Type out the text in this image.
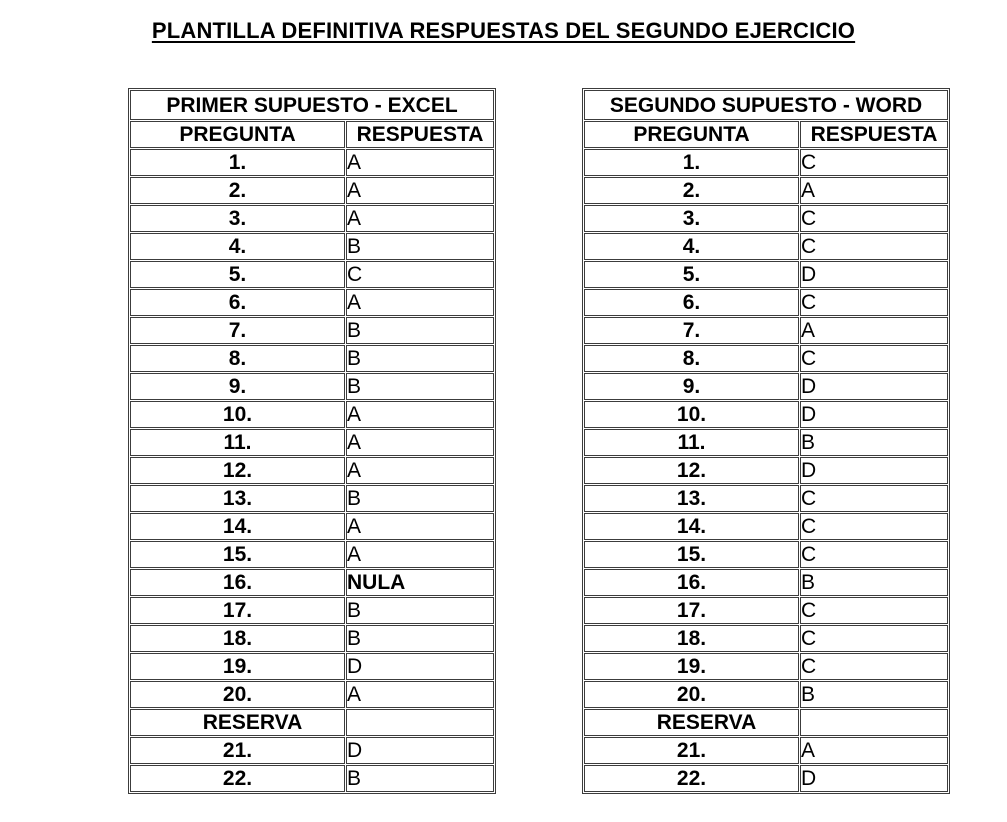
PLANTILLA DEFINITIVA RESPUESTAS DEL SEGUNDO EJERCICIO
PRIMER SUPUESTO - EXCEL	
PREGUNTA	RESPUESTA
1.	A
2.	A
3.	A
4.	B
5.	C
6.	A
7.	B
8.	B
9.	B
10.	A
11.	A
12.	A
13.	B
14.	A
15.	A
16.	NULA
17.	B
18.	B
19.	D
20.	A
RESERVA	
21.	D
22.	B
SEGUNDO SUPUESTO - WORD	
PREGUNTA	RESPUESTA
1.	C
2.	A
3.	C
4.	C
5.	D
6.	C
7.	A
8.	C
9.	D
10.	D
11.	B
12.	D
13.	C
14.	C
15.	C
16.	B
17.	C
18.	C
19.	C
20.	B
RESERVA	
21.	A
22.	D
